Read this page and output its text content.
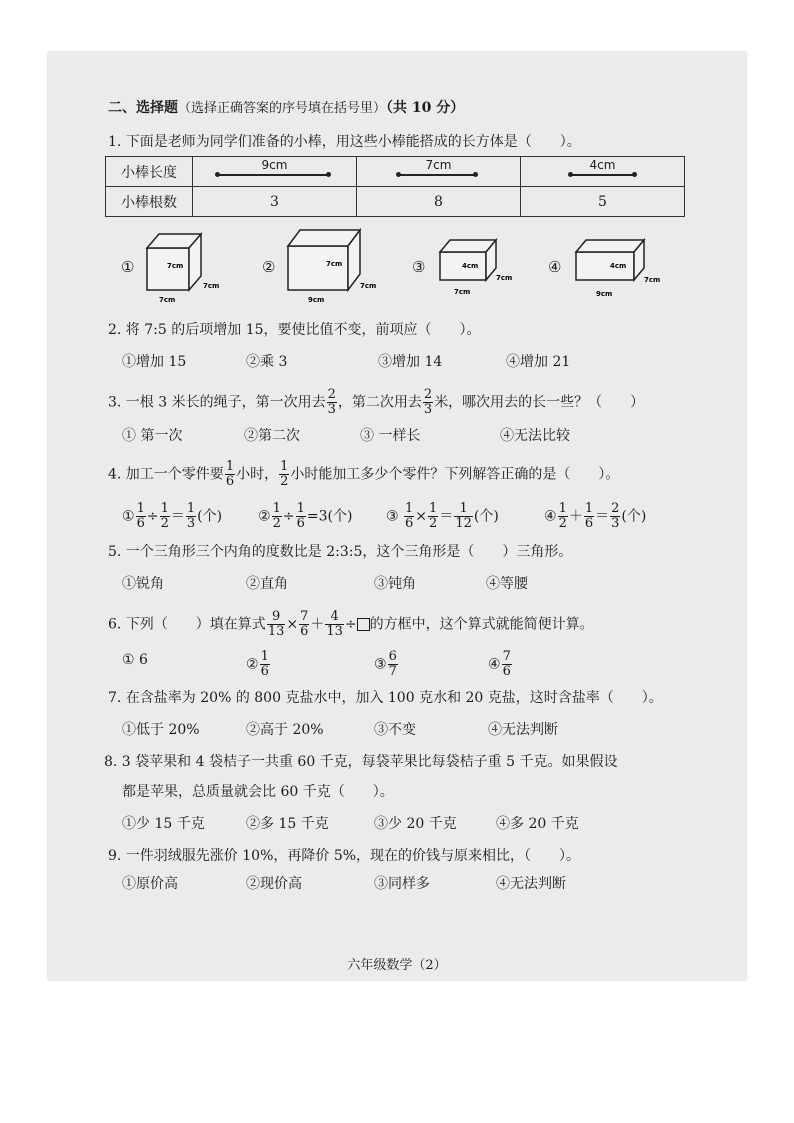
二、选择题（选择正确答案的序号填在括号里）（共 10 分）
1. 下面是老师为同学们准备的小棒，用这些小棒能搭成的长方体是（　　）。
小棒长度	9cm	7cm	4cm

小棒根数	3	8	5
①	7cm
7cm
7cm
②	7cm
7cm
9cm
③	4cm
7cm
7cm
④	4cm
7cm
9cm
2. 将 7:5 的后项增加 15，要使比值不变，前项应（　　）。
①增加 15	②乘 3	③增加 14	④增加 21
3. 一根 3 米长的绳子，第一次用去 $\frac{2}{3}$ ，第二次用去 $\frac{2}{3}$ 米，哪次用去的长一些？（　　）
① 第一次	②第二次	③ 一样长	④无法比较
4. 加工一个零件要 $\frac{1}{6}$ 小时， $\frac{1}{2}$ 小时能加工多少个零件？下列解答正确的是（　　）。
① $\frac{1}{6} \div \frac{1}{2} = \frac{1}{3}$ (个)	② $\frac{1}{2} \div \frac{1}{6} =3$(个) ③ $\frac{1}{6} \times \frac{1}{2} = \frac{1}{12}$ (个)	④ $\frac{1}{2} + \frac{1}{6} = \frac{2}{3}$ (个)
5. 一个三角形三个内角的度数比是 2:3:5，这个三角形是（　　）三角形。
①锐角	②直角	③钝角	④等腰
6. 下列（　　）填在算式 $\frac{9}{13} \times \frac{7}{6} + \frac{4}{13}$ ÷ 的方框中，这个算式就能简便计算。
① 6	② $\frac{1}{6}$	③ $\frac{6}{7}$	④ $\frac{7}{6}$
7. 在含盐率为 20% 的 800 克盐水中，加入 100 克水和 20 克盐，这时含盐率（　　）。
①低于 20%	②高于 20%	③不变	④无法判断
8. 3 袋苹果和 4 袋桔子一共重 60 千克，每袋苹果比每袋桔子重 5 千克。如果假设
都是苹果，总质量就会比 60 千克（　　）。
①少 15 千克	②多 15 千克	③少 20 千克	④多 20 千克
9. 一件羽绒服先涨价 10%，再降价 5%，现在的价钱与原来相比，（　　）。
①原价高	②现价高	③同样多	④无法判断
六年级数学（2）
